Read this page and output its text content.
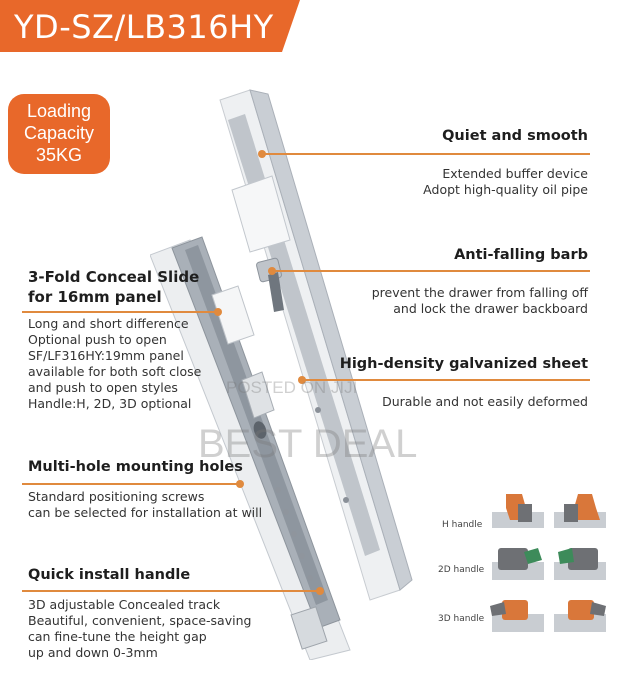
YD-SZ/LB316HY
Loading
Capacity
35KG
Quiet and smooth
Extended buffer device
Adopt high-quality oil pipe
Anti-falling barb
prevent the drawer from falling off
and lock the drawer backboard
High-density galvanized sheet
Durable and not easily deformed
3-Fold Conceal Slide
for 16mm panel
Long and short difference
Optional push to open
SF/LF316HY:19mm panel
available for both soft close
and push to open styles
Handle:H, 2D, 3D optional
Multi-hole mounting holes
Standard positioning screws
can be selected for installation at will
Quick install handle
3D adjustable Concealed track
Beautiful, convenient, space-saving
can fine-tune the height gap
up and down 0-3mm
H handle
2D handle
3D handle
POSTED ON JIJI
BEST DEAL
